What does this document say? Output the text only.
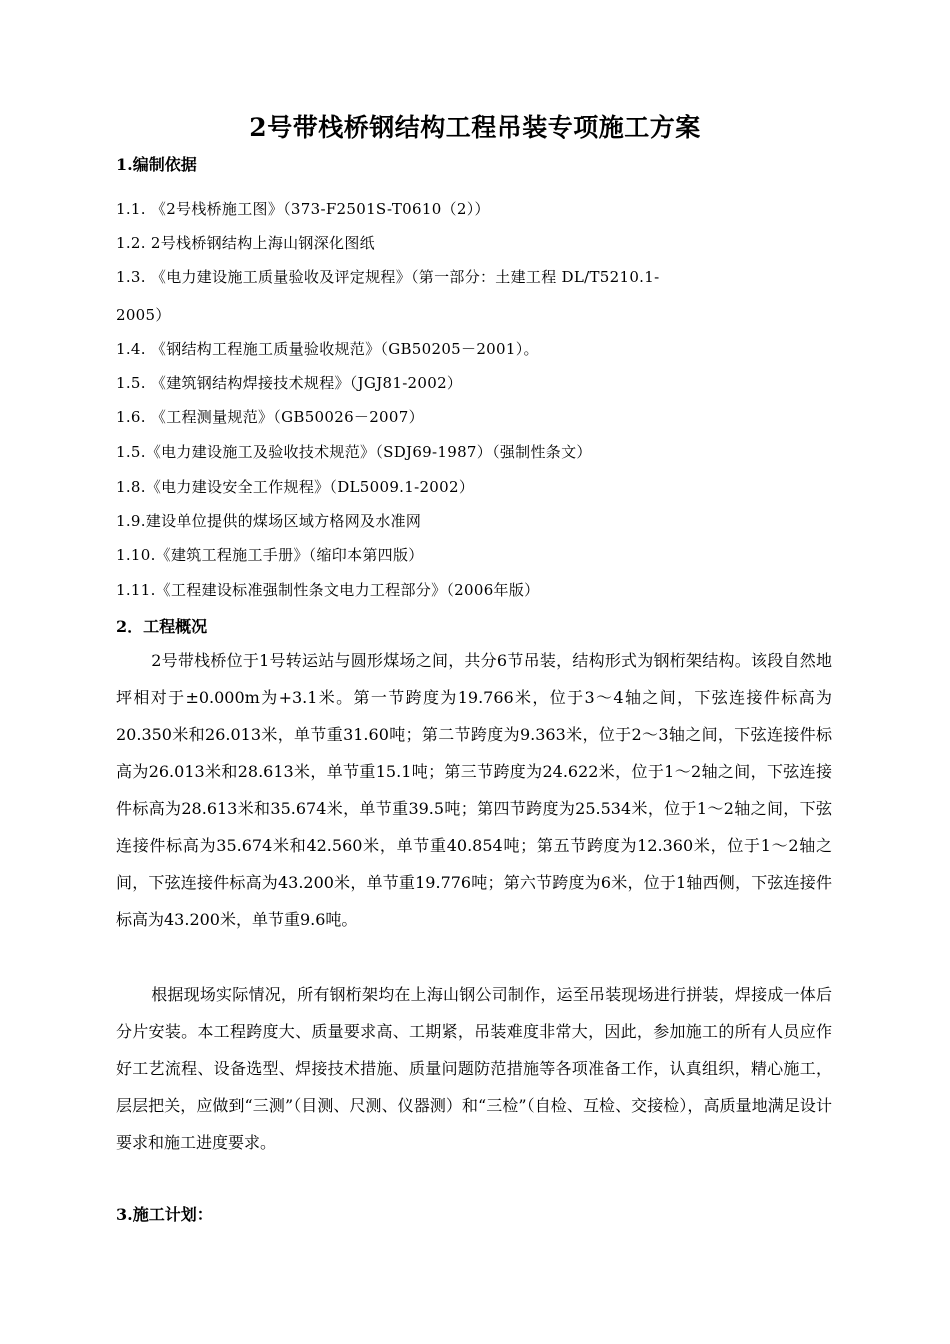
2号带栈桥钢结构工程吊装专项施工方案
1.编制依据
1.1. 《2号栈桥施工图》（373-F2501S-T0610（2））
1.2. 2号栈桥钢结构上海山钢深化图纸
1.3. 《电力建设施工质量验收及评定规程》（第一部分：土建工程 DL/T5210.1-
2005）
1.4. 《钢结构工程施工质量验收规范》（GB50205－2001）。
1.5. 《建筑钢结构焊接技术规程》（JGJ81-2002）
1.6. 《工程测量规范》（GB50026－2007）
1.5.《电力建设施工及验收技术规范》（SDJ69-1987）（强制性条文）
1.8.《电力建设安全工作规程》（DL5009.1-2002）
1.9.建设单位提供的煤场区域方格网及水准网
1.10.《建筑工程施工手册》（缩印本第四版）
1.11.《工程建设标准强制性条文电力工程部分》（2006年版）
2．工程概况
2号带栈桥位于1号转运站与圆形煤场之间，共分6节吊装，结构形式为钢桁架结构。该段自然地坪相对于±0.000m为+3.1米。第一节跨度为19.766米，位于3～4轴之间，下弦连接件标高为20.350米和26.013米，单节重31.60吨；第二节跨度为9.363米，位于2～3轴之间，下弦连接件标高为26.013米和28.613米，单节重15.1吨；第三节跨度为24.622米，位于1～2轴之间，下弦连接件标高为28.613米和35.674米，单节重39.5吨；第四节跨度为25.534米，位于1～2轴之间，下弦连接件标高为35.674米和42.560米，单节重40.854吨；第五节跨度为12.360米，位于1～2轴之间，下弦连接件标高为43.200米，单节重19.776吨；第六节跨度为6米，位于1轴西侧，下弦连接件标高为43.200米，单节重9.6吨。
根据现场实际情况，所有钢桁架均在上海山钢公司制作，运至吊装现场进行拼装，焊接成一体后分片安装。本工程跨度大、质量要求高、工期紧，吊装难度非常大，因此，参加施工的所有人员应作好工艺流程、设备选型、焊接技术措施、质量问题防范措施等各项准备工作，认真组织，精心施工，层层把关，应做到“三测”（目测、尺测、仪器测）和“三检”（自检、互检、交接检），高质量地满足设计要求和施工进度要求。
3.施工计划：
